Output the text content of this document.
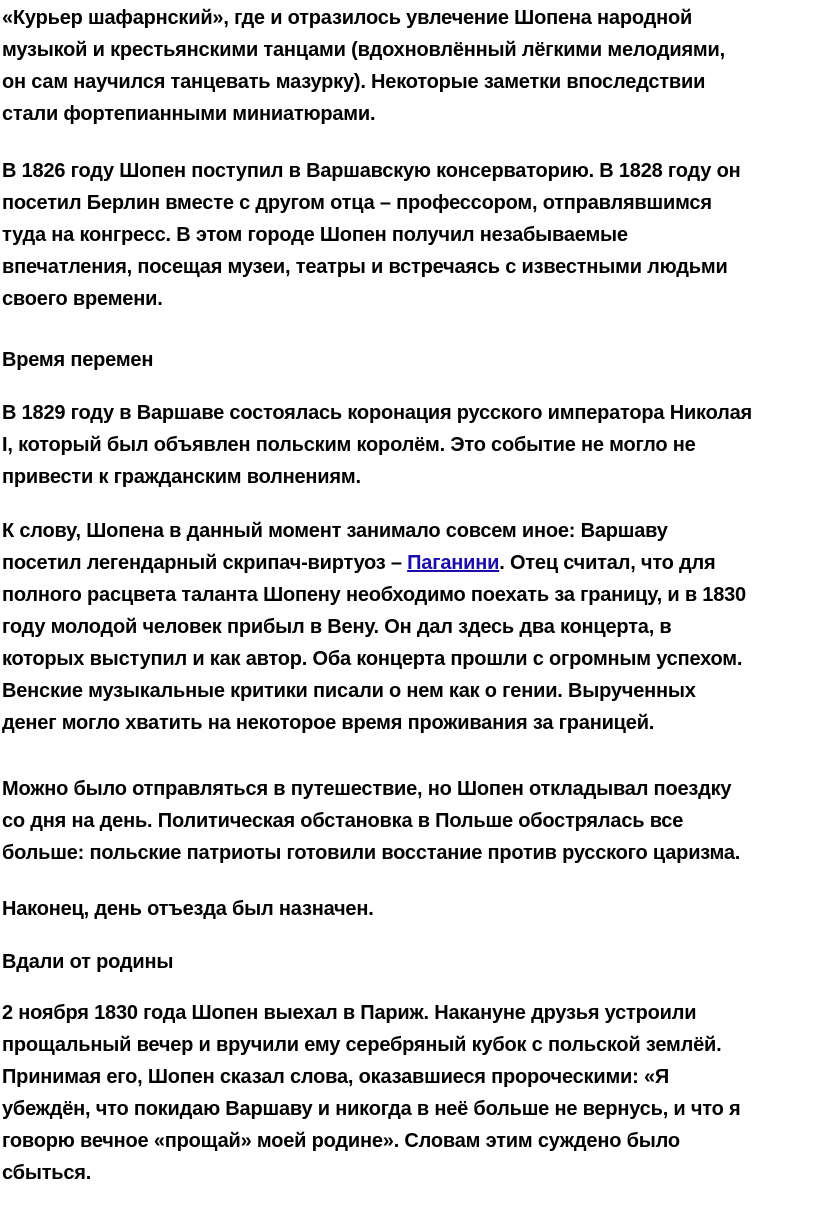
«Курьер шафарнский», где и отразилось увлечение Шопена народной
музыкой и крестьянскими танцами (вдохновлённый лёгкими мелодиями,
он сам научился танцевать мазурку). Некоторые заметки впоследствии
стали фортепианными миниатюрами.

В 1826 году Шопен поступил в Варшавскую консерваторию. В 1828 году он
посетил Берлин вместе с другом отца – профессором, отправлявшимся
туда на конгресс. В этом городе Шопен получил незабываемые
впечатления, посещая музеи, театры и встречаясь с известными людьми
своего времени.

Время перемен

В 1829 году в Варшаве состоялась коронация русского императора Николая
I, который был объявлен польским королём. Это событие не могло не
привести к гражданским волнениям.

К слову, Шопена в данный момент занимало совсем иное: Варшаву
посетил легендарный скрипач-виртуоз – Паганини. Отец считал, что для
полного расцвета таланта Шопену необходимо поехать за границу, и в 1830
году молодой человек прибыл в Вену. Он дал здесь два концерта, в
которых выступил и как автор. Оба концерта прошли с огромным успехом.
Венские музыкальные критики писали о нем как о гении. Вырученных
денег могло хватить на некоторое время проживания за границей.

Можно было отправляться в путешествие, но Шопен откладывал поездку
со дня на день. Политическая обстановка в Польше обострялась все
больше: польские патриоты готовили восстание против русского царизма.

Наконец, день отъезда был назначен.

Вдали от родины

2 ноября 1830 года Шопен выехал в Париж. Накануне друзья устроили
прощальный вечер и вручили ему серебряный кубок с польской землёй.
Принимая его, Шопен сказал слова, оказавшиеся пророческими: «Я
убеждён, что покидаю Варшаву и никогда в неё больше не вернусь, и что я
говорю вечное «прощай» моей родине». Словам этим суждено было
сбыться.
